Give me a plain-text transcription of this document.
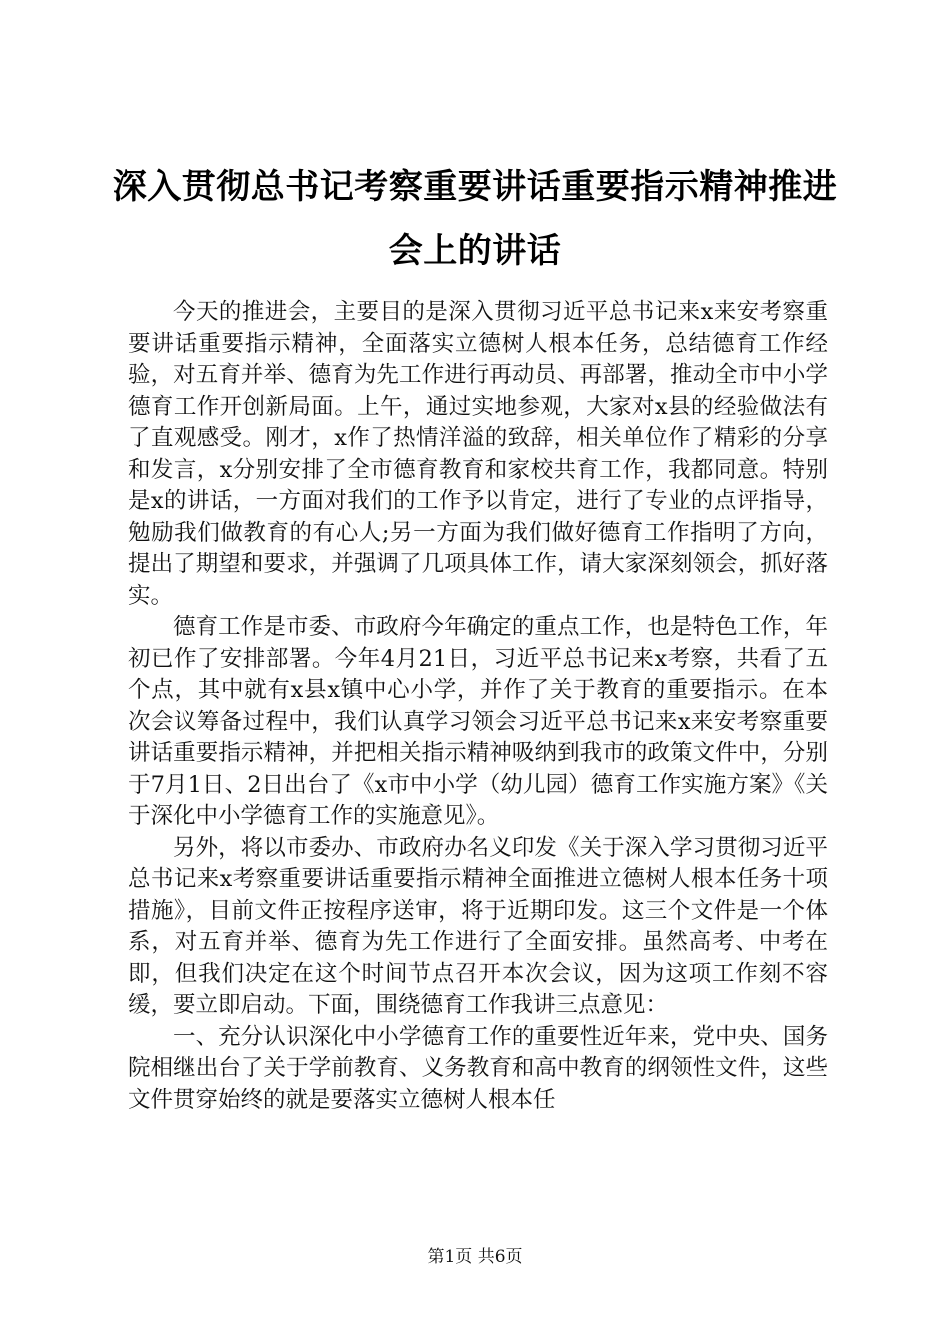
深入贯彻总书记考察重要讲话重要指示精神推进会上的讲话

今天的推进会，主要目的是深入贯彻习近平总书记来x来安考察重要讲话重要指示精神，全面落实立德树人根本任务，总结德育工作经验，对五育并举、德育为先工作进行再动员、再部署，推动全市中小学德育工作开创新局面。上午，通过实地参观，大家对x县的经验做法有了直观感受。刚才，x作了热情洋溢的致辞，相关单位作了精彩的分享和发言，x分别安排了全市德育教育和家校共育工作，我都同意。特别是x的讲话，一方面对我们的工作予以肯定，进行了专业的点评指导，勉励我们做教育的有心人;另一方面为我们做好德育工作指明了方向，提出了期望和要求，并强调了几项具体工作，请大家深刻领会，抓好落实。

德育工作是市委、市政府今年确定的重点工作，也是特色工作，年初已作了安排部署。今年4月21日，习近平总书记来x考察，共看了五个点，其中就有x县x镇中心小学，并作了关于教育的重要指示。在本次会议筹备过程中，我们认真学习领会习近平总书记来x来安考察重要讲话重要指示精神，并把相关指示精神吸纳到我市的政策文件中，分别于7月1日、2日出台了《x市中小学（幼儿园）德育工作实施方案》《关于深化中小学德育工作的实施意见》。

另外，将以市委办、市政府办名义印发《关于深入学习贯彻习近平总书记来x考察重要讲话重要指示精神全面推进立德树人根本任务十项措施》，目前文件正按程序送审，将于近期印发。这三个文件是一个体系，对五育并举、德育为先工作进行了全面安排。虽然高考、中考在即，但我们决定在这个时间节点召开本次会议，因为这项工作刻不容缓，要立即启动。下面，围绕德育工作我讲三点意见：

一、充分认识深化中小学德育工作的重要性近年来，党中央、国务院相继出台了关于学前教育、义务教育和高中教育的纲领性文件，这些文件贯穿始终的就是要落实立德树人根本任

第1页 共6页
